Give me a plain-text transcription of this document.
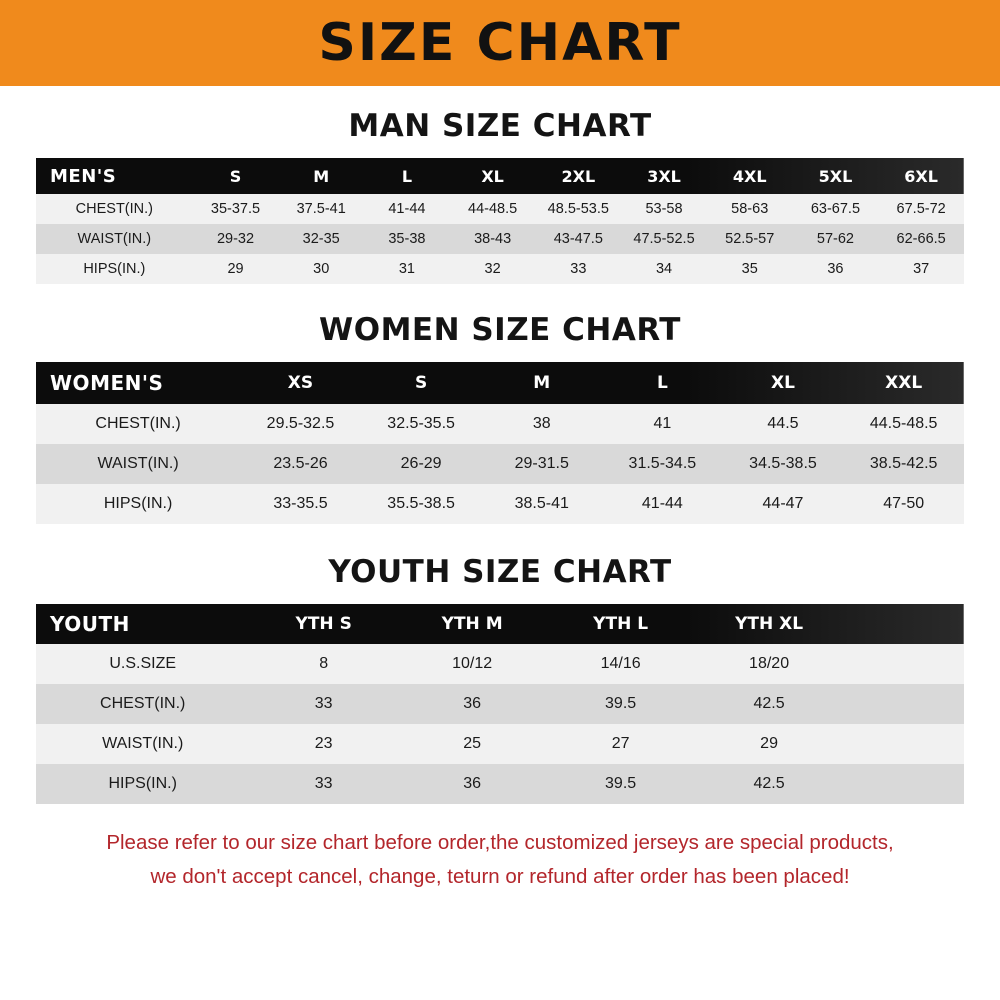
SIZE CHART
MAN SIZE CHART
MEN'S	S	M	L	XL	2XL	3XL	4XL	5XL	6XL
CHEST(IN.)	35-37.5	37.5-41	41-44	44-48.5	48.5-53.5	53-58	58-63	63-67.5	67.5-72
WAIST(IN.)	29-32	32-35	35-38	38-43	43-47.5	47.5-52.5	52.5-57	57-62	62-66.5
HIPS(IN.)	29	30	31	32	33	34	35	36	37
WOMEN SIZE CHART
WOMEN'S	XS	S	M	L	XL	XXL
CHEST(IN.)	29.5-32.5	32.5-35.5	38	41	44.5	44.5-48.5
WAIST(IN.)	23.5-26	26-29	29-31.5	31.5-34.5	34.5-38.5	38.5-42.5
HIPS(IN.)	33-35.5	35.5-38.5	38.5-41	41-44	44-47	47-50
YOUTH SIZE CHART
YOUTH	YTH S	YTH M	YTH L	YTH XL	
U.S.SIZE	8	10/12	14/16	18/20	
CHEST(IN.)	33	36	39.5	42.5	
WAIST(IN.)	23	25	27	29	
HIPS(IN.)	33	36	39.5	42.5	
Please refer to our size chart before order,the customized jerseys are special products,
we don't accept cancel, change, teturn or refund after order has been placed!
